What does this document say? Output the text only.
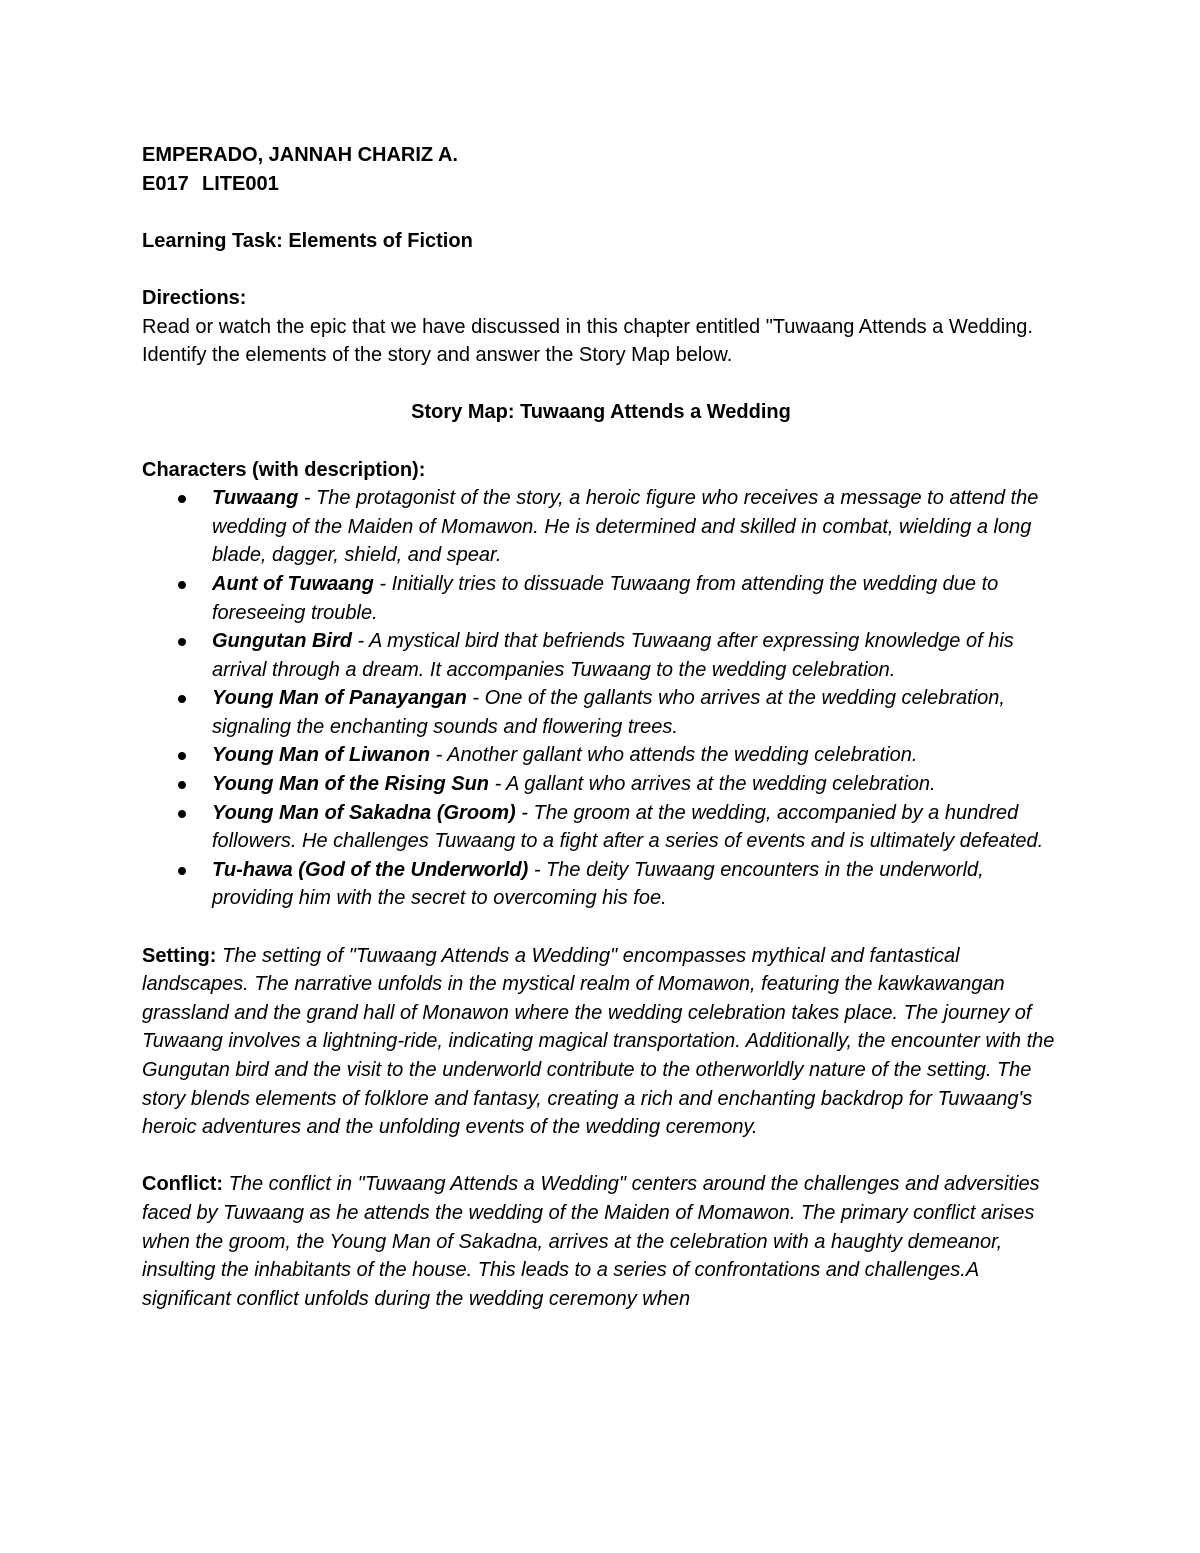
EMPERADO, JANNAH CHARIZ A.

E017 LITE001

Learning Task: Elements of Fiction

Directions:

Read or watch the epic that we have discussed in this chapter entitled "Tuwaang Attends a Wedding.

Identify the elements of the story and answer the Story Map below.

Story Map: Tuwaang Attends a Wedding

Characters (with description):

Tuwaang - The protagonist of the story, a heroic figure who receives a message to attend the wedding of the Maiden of Momawon. He is determined and skilled in combat, wielding a long blade, dagger, shield, and spear.
Aunt of Tuwaang - Initially tries to dissuade Tuwaang from attending the wedding due to foreseeing trouble.
Gungutan Bird - A mystical bird that befriends Tuwaang after expressing knowledge of his arrival through a dream. It accompanies Tuwaang to the wedding celebration.
Young Man of Panayangan - One of the gallants who arrives at the wedding celebration, signaling the enchanting sounds and flowering trees.
Young Man of Liwanon - Another gallant who attends the wedding celebration.
Young Man of the Rising Sun - A gallant who arrives at the wedding celebration.
Young Man of Sakadna (Groom) - The groom at the wedding, accompanied by a hundred followers. He challenges Tuwaang to a fight after a series of events and is ultimately defeated.
Tu-hawa (God of the Underworld) - The deity Tuwaang encounters in the underworld, providing him with the secret to overcoming his foe.

Setting: The setting of "Tuwaang Attends a Wedding" encompasses mythical and fantastical landscapes. The narrative unfolds in the mystical realm of Momawon, featuring the kawkawangan grassland and the grand hall of Monawon where the wedding celebration takes place. The journey of Tuwaang involves a lightning-ride, indicating magical transportation. Additionally, the encounter with the Gungutan bird and the visit to the underworld contribute to the otherworldly nature of the setting. The story blends elements of folklore and fantasy, creating a rich and enchanting backdrop for Tuwaang's heroic adventures and the unfolding events of the wedding ceremony.

Conflict: The conflict in "Tuwaang Attends a Wedding" centers around the challenges and adversities faced by Tuwaang as he attends the wedding of the Maiden of Momawon. The primary conflict arises when the groom, the Young Man of Sakadna, arrives at the celebration with a haughty demeanor, insulting the inhabitants of the house. This leads to a series of confrontations and challenges.A significant conflict unfolds during the wedding ceremony when
